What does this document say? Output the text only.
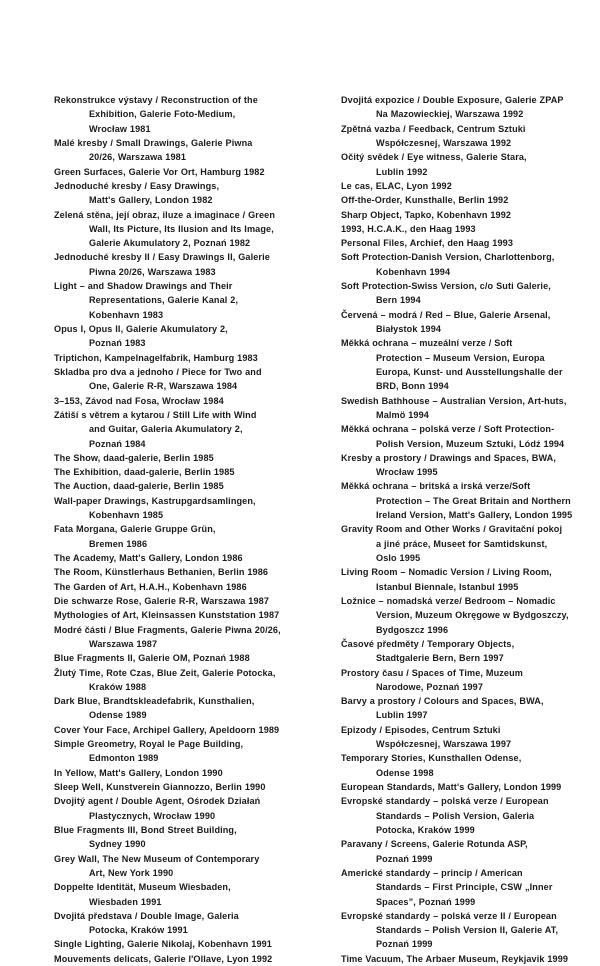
Rekonstrukce výstavy / Reconstruction of the
Exhibition, Galerie Foto-Medium,
Wrocław 1981

Malé kresby / Small Drawings, Galerie Piwna
20/26, Warszawa 1981

Green Surfaces, Galerie Vor Ort, Hamburg 1982

Jednoduché kresby / Easy Drawings,
Matt's Gallery, London 1982

Zelená stěna, její obraz, iluze a imaginace / Green
Wall, Its Picture, Its Ilusion and Its Image,
Galerie Akumulatory 2, Poznań 1982

Jednoduché kresby II / Easy Drawings II, Galerie
Piwna 20/26, Warszawa 1983

Light – and Shadow Drawings and Their
Representations, Galerie Kanal 2,
Kobenhavn 1983

Opus I, Opus II, Galerie Akumulatory 2,
Poznań 1983

Triptichon, Kampelnagelfabrik, Hamburg 1983

Skladba pro dva a jednoho / Piece for Two and
One, Galerie R-R, Warszawa 1984

3–153, Závod nad Fosa, Wrocław 1984

Zátiší s větrem a kytarou / Still Life with Wind
and Guitar, Galeria Akumulatory 2,
Poznań 1984

The Show, daad-galerie, Berlin 1985

The Exhibition, daad-galerie, Berlin 1985

The Auction, daad-galerie, Berlin 1985

Wall-paper Drawings, Kastrupgardsamlingen,
Kobenhavn 1985

Fata Morgana, Galerie Gruppe Grün,
Bremen 1986

The Academy, Matt's Gallery, London 1986

The Room, Künstlerhaus Bethanien, Berlin 1986

The Garden of Art, H.A.H., Kobenhavn 1986

Die schwarze Rose, Galerie R-R, Warszawa 1987

Mythologies of Art, Kleinsassen Kunststation 1987

Modré části / Blue Fragments, Galerie Piwna 20/26,
Warszawa 1987

Blue Fragments II, Galerie OM, Poznań 1988

Žlutý Time, Rote Czas, Blue Zeit, Galerie Potocka,
Kraków 1988

Dark Blue, Brandtskleadefabrik, Kunsthalien,
Odense 1989

Cover Your Face, Archipel Gallery, Apeldoorn 1989

Simple Greometry, Royal le Page Building,
Edmonton 1989

In Yellow, Matt's Gallery, London 1990

Sleep Well, Kunstverein Giannozzo, Berlin 1990

Dvojitý agent / Double Agent, Ośrodek Działań
Plastycznych, Wrocław 1990

Blue Fragments III, Bond Street Building,
Sydney 1990

Grey Wall, The New Museum of Contemporary
Art, New York 1990

Doppelte Identität, Museum Wiesbaden,
Wiesbaden 1991

Dvojitá představa / Double Image, Galeria
Potocka, Kraków 1991

Single Lighting, Galerie Nikolaj, Kobenhavn 1991

Mouvements delicats, Galerie l'Ollave, Lyon 1992

Dvojitá expozice / Double Exposure, Galerie ZPAP
Na Mazowieckiej, Warszawa 1992

Zpětná vazba / Feedback, Centrum Sztuki
Współczesnej, Warszawa 1992

Očitý svědek / Eye witness, Galerie Stara,
Lublin 1992

Le cas, ELAC, Lyon 1992

Off-the-Order, Kunsthalle, Berlin 1992

Sharp Object, Tapko, Kobenhavn 1992

1993, H.C.A.K., den Haag 1993

Personal Files, Archief, den Haag 1993

Soft Protection-Danish Version, Charlottenborg,
Kobenhavn 1994

Soft Protection-Swiss Version, c/o Suti Galerie,
Bern 1994

Červená – modrá / Red – Blue, Galerie Arsenal,
Białystok 1994

Měkká ochrana – muzeální verze / Soft
Protection – Museum Version, Europa
Europa, Kunst- und Ausstellungshalle der
BRD, Bonn 1994

Swedish Bathhouse – Australian Version, Art-huts,
Malmö 1994

Měkká ochrana – polská verze / Soft Protection-
Polish Version, Muzeum Sztuki, Lódź 1994

Kresby a prostory / Drawings and Spaces, BWA,
Wrocław 1995

Měkká ochrana – britská a irská verze/Soft
Protection – The Great Britain and Northern
Ireland Version, Matt's Gallery, London 1995

Gravity Room and Other Works / Gravitační pokoj
a jiné práce, Museet for Samtidskunst,
Oslo 1995

Living Room – Nomadic Version / Living Room,
Istanbul Biennale, Istanbul 1995

Ložnice – nomadská verze/ Bedroom – Nomadic
Version, Muzeum Okręgowe w Bydgoszczy,
Bydgoszcz 1996

Časové předměty / Temporary Objects,
Stadtgalerie Bern, Bern 1997

Prostory času / Spaces of Time, Muzeum
Narodowe, Poznań 1997

Barvy a prostory / Colours and Spaces, BWA,
Lublin 1997

Epizody / Episodes, Centrum Sztuki
Współczesnej, Warszawa 1997

Temporary Stories, Kunsthallen Odense,
Odense 1998

European Standards, Matt's Gallery, London 1999

Evropské standardy – polská verze / European
Standards – Polish Version, Galeria
Potocka, Kraków 1999

Paravany / Screens, Galerie Rotunda ASP,
Poznań 1999

Americké standardy – princip / American
Standards – First Principle, CSW „Inner
Spaces”, Poznań 1999

Evropské standardy – polská verze II / European
Standards – Polish Version II, Galerie AT,
Poznań 1999

Time Vacuum, The Arbaer Museum, Reykjavik 1999
